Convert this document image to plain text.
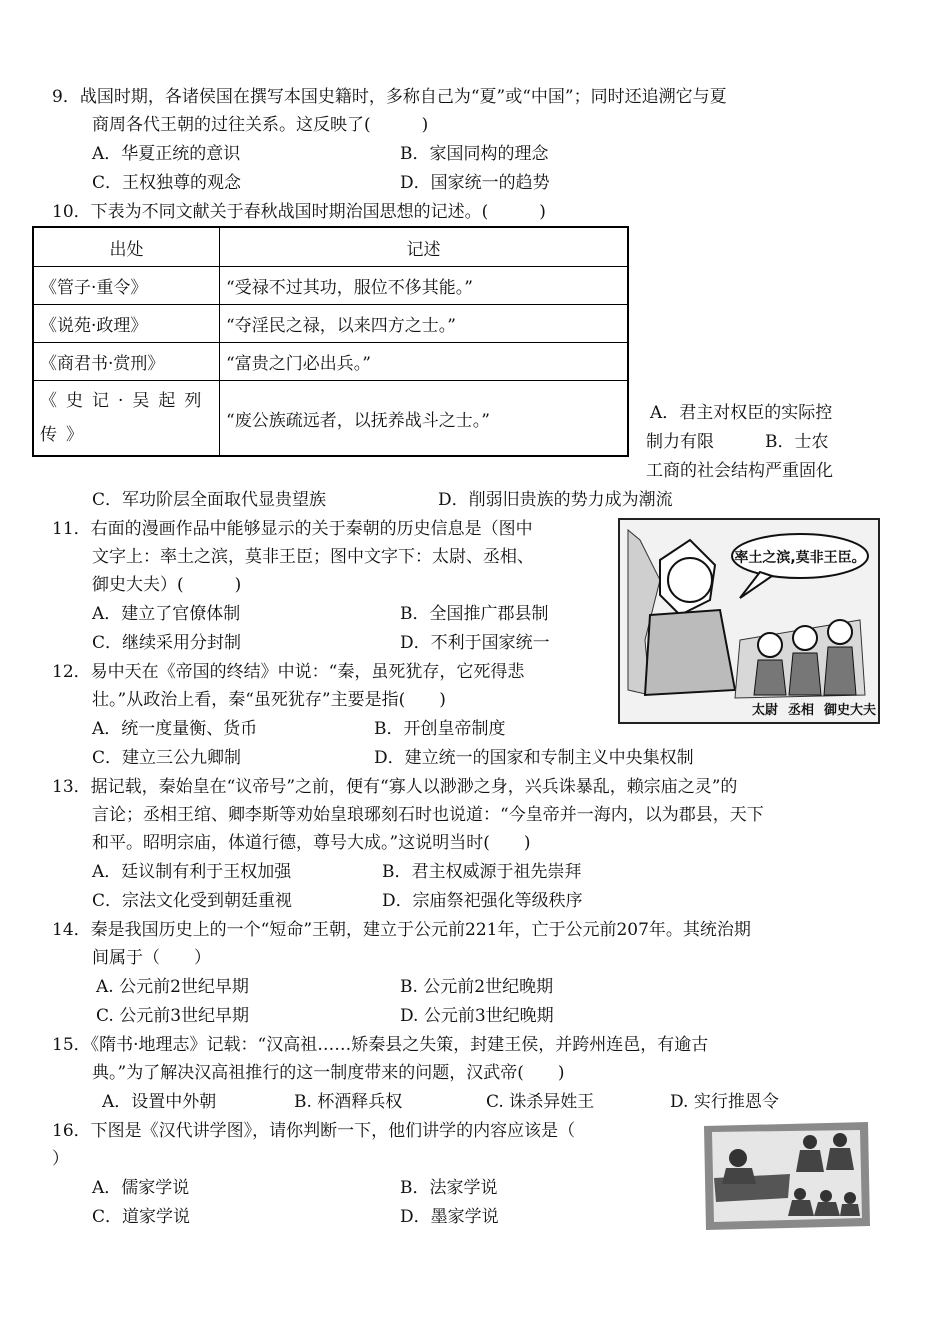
9．战国时期，各诸侯国在撰写本国史籍时，多称自己为“夏”或“中国”；同时还追溯它与夏
商周各代王朝的过往关系。这反映了(　　　)
A．华夏正统的意识	B．家国同构的理念
C．王权独尊的观念	D．国家统一的趋势
10．下表为不同文献关于春秋战国时期治国思想的记述。(　　　)
出处	记述
《管子·重令》	“受禄不过其功，服位不侈其能。”
《说苑·政理》	“夺淫民之禄，以来四方之士。”
《商君书·赏刑》	“富贵之门必出兵。”

《史记·吴起列传》	“废公族疏远者，以抚养战斗之士。”	A．君主对权臣的实际控
制力有限　　　B．士农
工商的社会结构严重固化
C．军功阶层全面取代显贵望族	D．削弱旧贵族的势力成为潮流
11．右面的漫画作品中能够显示的关于秦朝的历史信息是（图中
文字上：率土之滨，莫非王臣；图中文字下：太尉、丞相、
御史大夫）(　　　)
A．建立了官僚体制	B．全国推广郡县制
C．继续采用分封制	D．不利于国家统一
率土之滨,莫非王臣。
太尉 丞相 御史大夫
12．易中天在《帝国的终结》中说：“秦，虽死犹存，它死得悲
壮。”从政治上看，秦“虽死犹存”主要是指(　　)
A．统一度量衡、货币	B．开创皇帝制度
C．建立三公九卿制	D．建立统一的国家和专制主义中央集权制
13．据记载，秦始皇在“议帝号”之前，便有“寡人以渺渺之身，兴兵诛暴乱，赖宗庙之灵”的
言论；丞相王绾、卿李斯等劝始皇琅琊刻石时也说道：“今皇帝并一海内，以为郡县，天下
和平。昭明宗庙，体道行德，尊号大成。”这说明当时(　　)
A．廷议制有利于王权加强	B．君主权威源于祖先崇拜
C．宗法文化受到朝廷重视	D．宗庙祭祀强化等级秩序
14．秦是我国历史上的一个“短命”王朝，建立于公元前221年，亡于公元前207年。其统治期
间属于（　　）
A. 公元前2世纪早期	B. 公元前2世纪晚期
C. 公元前3世纪早期	D. 公元前3世纪晚期
15．《隋书·地理志》记载：“汉高祖……矫秦县之失策，封建王侯，并跨州连邑，有逾古
典。”为了解决汉高祖推行的这一制度带来的问题，汉武帝(　　)
A．设置中外朝	B. 杯酒释兵权	C. 诛杀异姓王	D. 实行推恩令
16．下图是《汉代讲学图》，请你判断一下，他们讲学的内容应该是（
）
A．儒家学说	B．法家学说
C．道家学说	D．墨家学说
